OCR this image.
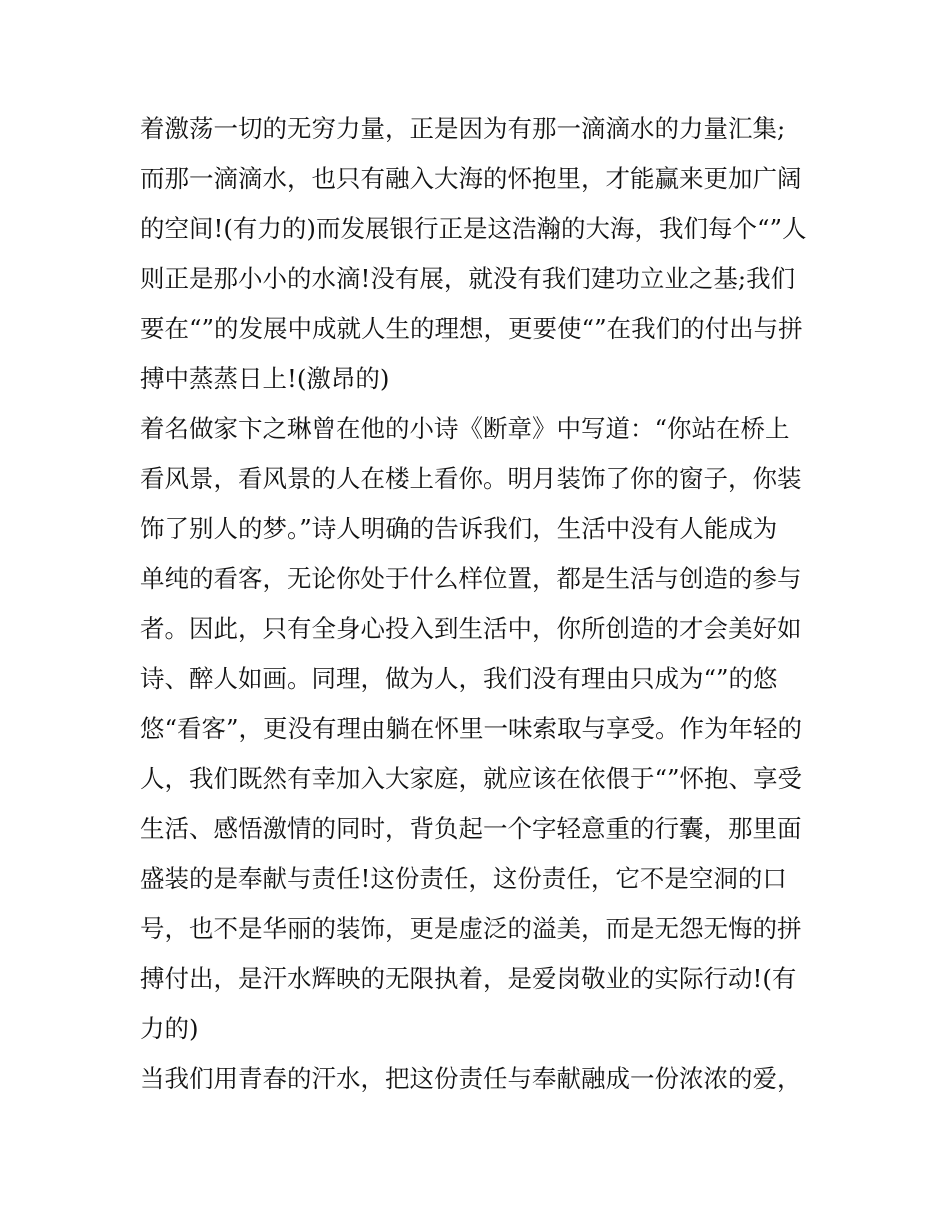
着激荡一切的无穷力量，正是因为有那一滴滴水的力量汇集;
而那一滴滴水，也只有融入大海的怀抱里，才能赢来更加广阔
的空间!(有力的)而发展银行正是这浩瀚的大海，我们每个“”人
则正是那小小的水滴!没有展，就没有我们建功立业之基;我们
要在“”的发展中成就人生的理想，更要使“”在我们的付出与拼
搏中蒸蒸日上!(激昂的)
着名做家卞之琳曾在他的小诗《断章》中写道：“你站在桥上
看风景，看风景的人在楼上看你。明月装饰了你的窗子，你装
饰了别人的梦。”诗人明确的告诉我们，生活中没有人能成为
单纯的看客，无论你处于什么样位置，都是生活与创造的参与
者。因此，只有全身心投入到生活中，你所创造的才会美好如
诗、醉人如画。同理，做为人，我们没有理由只成为“”的悠
悠“看客”，更没有理由躺在怀里一味索取与享受。作为年轻的
人，我们既然有幸加入大家庭，就应该在依偎于“”怀抱、享受
生活、感悟激情的同时，背负起一个字轻意重的行囊，那里面
盛装的是奉献与责任!这份责任，这份责任，它不是空洞的口
号，也不是华丽的装饰，更是虚泛的溢美，而是无怨无悔的拼
搏付出，是汗水辉映的无限执着，是爱岗敬业的实际行动!(有
力的)
当我们用青春的汗水，把这份责任与奉献融成一份浓浓的爱，
